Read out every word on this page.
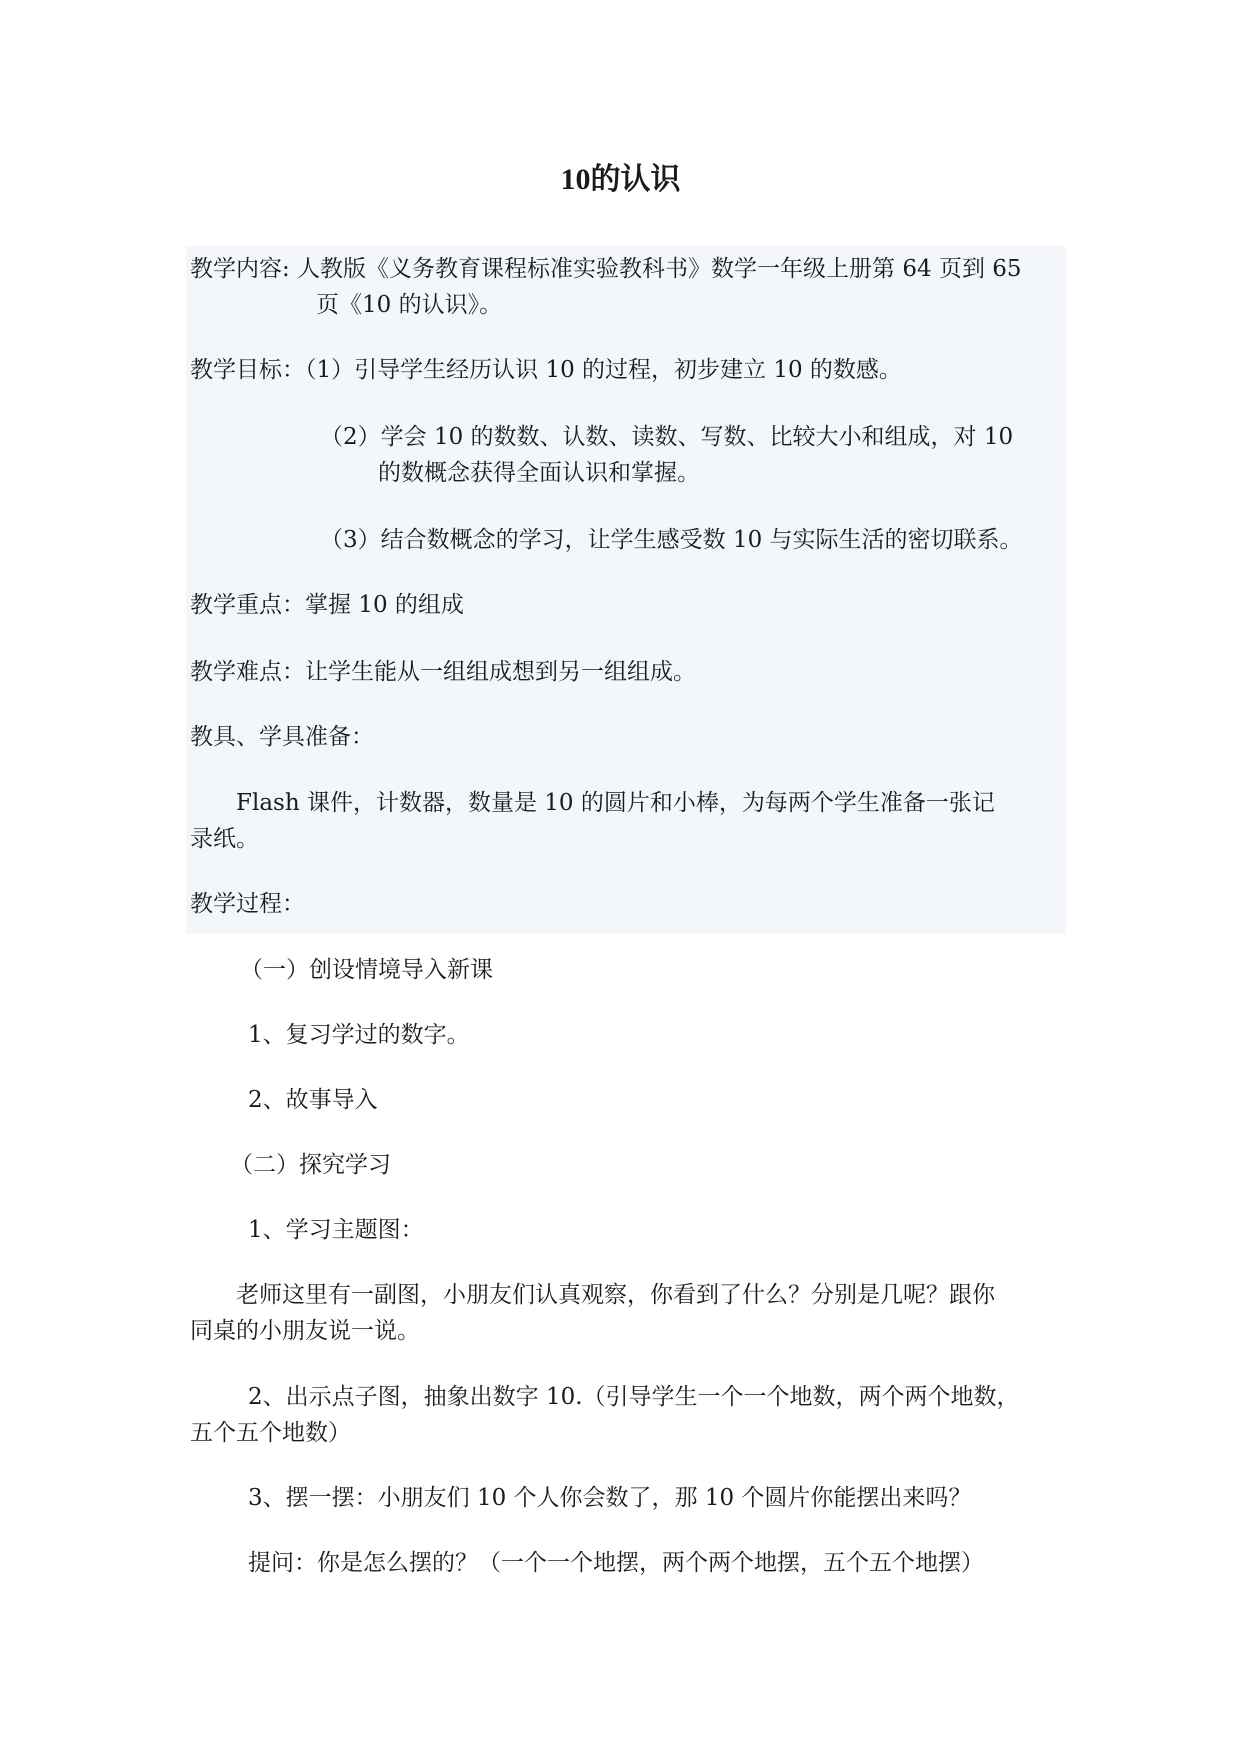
10的认识
教学内容: 人教版《义务教育课程标准实验教科书》数学一年级上册第 64 页到 65
页《10 的认识》。
教学目标：（1）引导学生经历认识 10 的过程，初步建立 10 的数感。
（2）学会 10 的数数、认数、读数、写数、比较大小和组成，对 10
的数概念获得全面认识和掌握。
（3）结合数概念的学习，让学生感受数 10 与实际生活的密切联系。
教学重点：掌握 10 的组成
教学难点：让学生能从一组组成想到另一组组成。
教具、学具准备：
Flash 课件，计数器，数量是 10 的圆片和小棒，为每两个学生准备一张记
录纸。
教学过程：
（一）创设情境导入新课
1、复习学过的数字。
2、故事导入
（二）探究学习
1、学习主题图：
老师这里有一副图，小朋友们认真观察，你看到了什么？分别是几呢？跟你
同桌的小朋友说一说。
2、出示点子图，抽象出数字 10.（引导学生一个一个地数，两个两个地数，
五个五个地数）
3、摆一摆：小朋友们 10 个人你会数了，那 10 个圆片你能摆出来吗？
提问：你是怎么摆的？（一个一个地摆，两个两个地摆，五个五个地摆）
